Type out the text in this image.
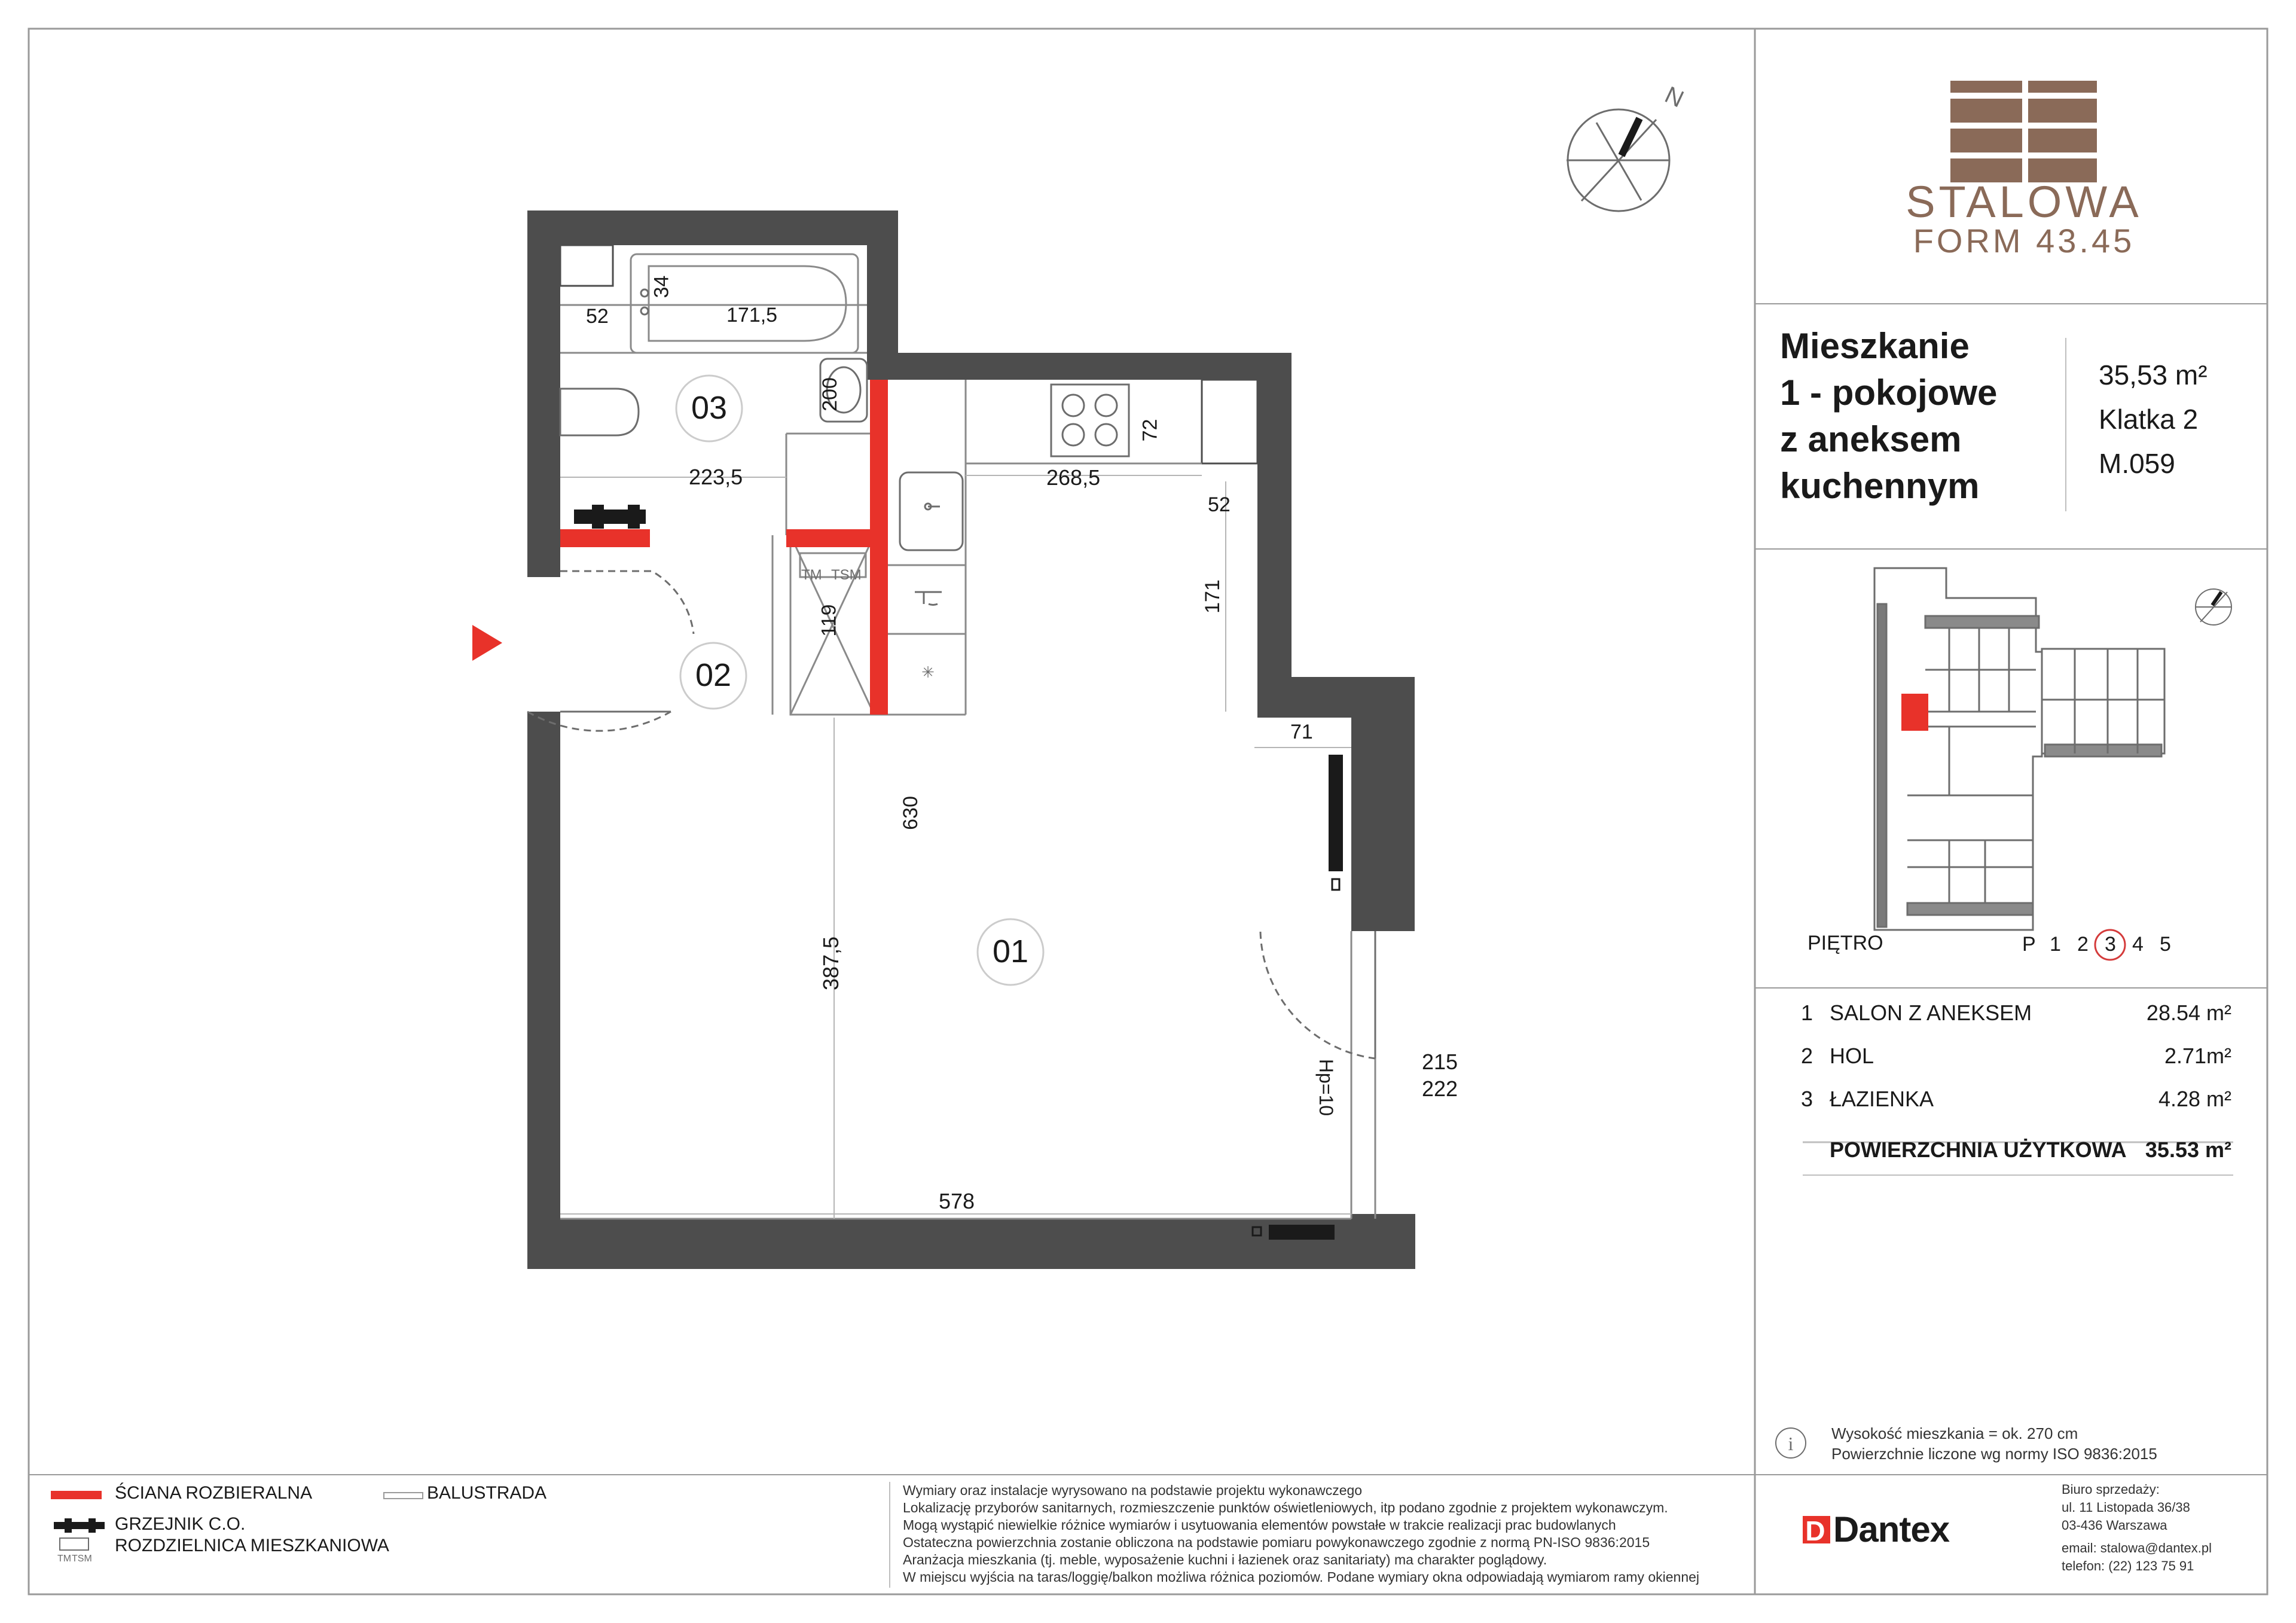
✳
N
i
D
01
02
03
52	171,5
34
200
223,5	268,5
72
52
171
71
119
630
387,5
578
215
222
Hp=10
TM TSM
STALOWA
FORM 43.45
Mieszkanie
1 - pokojowe
z aneksem
kuchennym
35,53 m²
Klatka 2
M.059
PIĘTRO	P 1 2 3 4 5
1 SALON Z ANEKSEM	28.54 m²
2 HOL	2.71m²
3 ŁAZIENKA	4.28 m²
POWIERZCHNIA UŻYTKOWA 35.53 m²
Wysokość mieszkania = ok. 270 cm
Powierzchnie liczone wg normy ISO 9836:2015
ŚCIANA ROZBIERALNA
GRZEJNIK C.O.
ROZDZIELNICA MIESZKANIOWA
TM TSM
BALUSTRADA	Wymiary oraz instalacje wyrysowano na podstawie projektu wykonawczego
Lokalizację przyborów sanitarnych, rozmieszczenie punktów oświetleniowych, itp podano zgodnie z projektem wykonawczym.
Mogą wystąpić niewielkie różnice wymiarów i usytuowania elementów powstałe w trakcie realizacji prac budowlanych
Ostateczna powierzchnia zostanie obliczona na podstawie pomiaru powykonawczego zgodnie z normą PN-ISO 9836:2015
Aranżacja mieszkania (tj. meble, wyposażenie kuchni i łazienek oraz sanitariaty) ma charakter poglądowy.
W miejscu wyjścia na taras/loggię/balkon możliwa różnica poziomów. Podane wymiary okna odpowiadają wymiarom ramy okiennej
Dantex
Biuro sprzedaży:
ul. 11 Listopada 36/38
03-436 Warszawa
email: stalowa@dantex.pl
telefon: (22) 123 75 91
